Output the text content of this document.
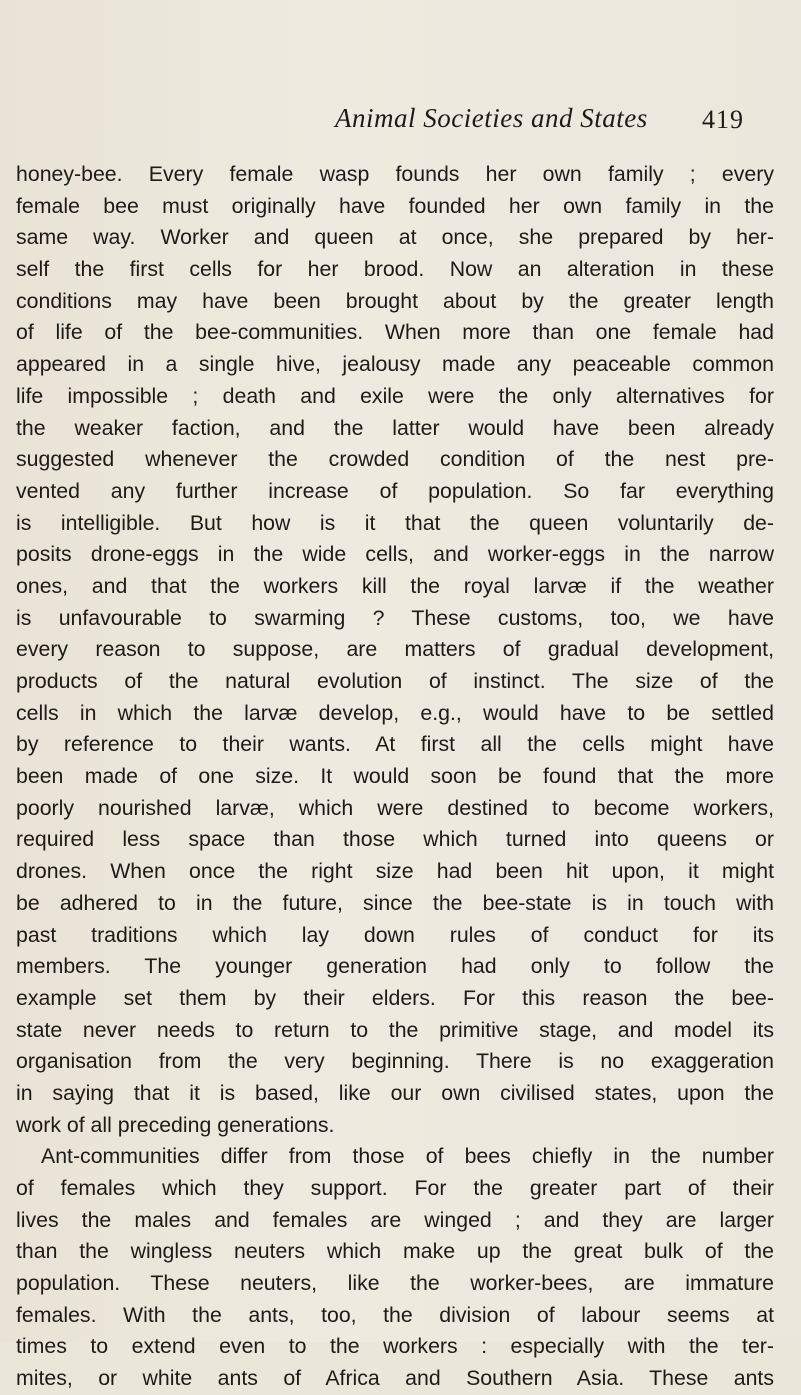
Animal Societies and States 419
honey-bee. Every female wasp founds her own family ; every
female bee must originally have founded her own family in the
same way. Worker and queen at once, she prepared by her-
self the first cells for her brood. Now an alteration in these
conditions may have been brought about by the greater length
of life of the bee-communities. When more than one female had
appeared in a single hive, jealousy made any peaceable common
life impossible ; death and exile were the only alternatives for
the weaker faction, and the latter would have been already
suggested whenever the crowded condition of the nest pre-
vented any further increase of population. So far everything
is intelligible. But how is it that the queen voluntarily de-
posits drone-eggs in the wide cells, and worker-eggs in the narrow
ones, and that the workers kill the royal larvæ if the weather
is unfavourable to swarming ? These customs, too, we have
every reason to suppose, are matters of gradual development,
products of the natural evolution of instinct. The size of the
cells in which the larvæ develop, e.g., would have to be settled
by reference to their wants. At first all the cells might have
been made of one size. It would soon be found that the more
poorly nourished larvæ, which were destined to become workers,
required less space than those which turned into queens or
drones. When once the right size had been hit upon, it might
be adhered to in the future, since the bee-state is in touch with
past traditions which lay down rules of conduct for its
members. The younger generation had only to follow the
example set them by their elders. For this reason the bee-
state never needs to return to the primitive stage, and model its
organisation from the very beginning. There is no exaggeration
in saying that it is based, like our own civilised states, upon the
work of all preceding generations.
Ant-communities differ from those of bees chiefly in the number
of females which they support. For the greater part of their
lives the males and females are winged ; and they are larger
than the wingless neuters which make up the great bulk of the
population. These neuters, like the worker-bees, are immature
females. With the ants, too, the division of labour seems at
times to extend even to the workers : especially with the ter-
mites, or white ants of Africa and Southern Asia. These ants
